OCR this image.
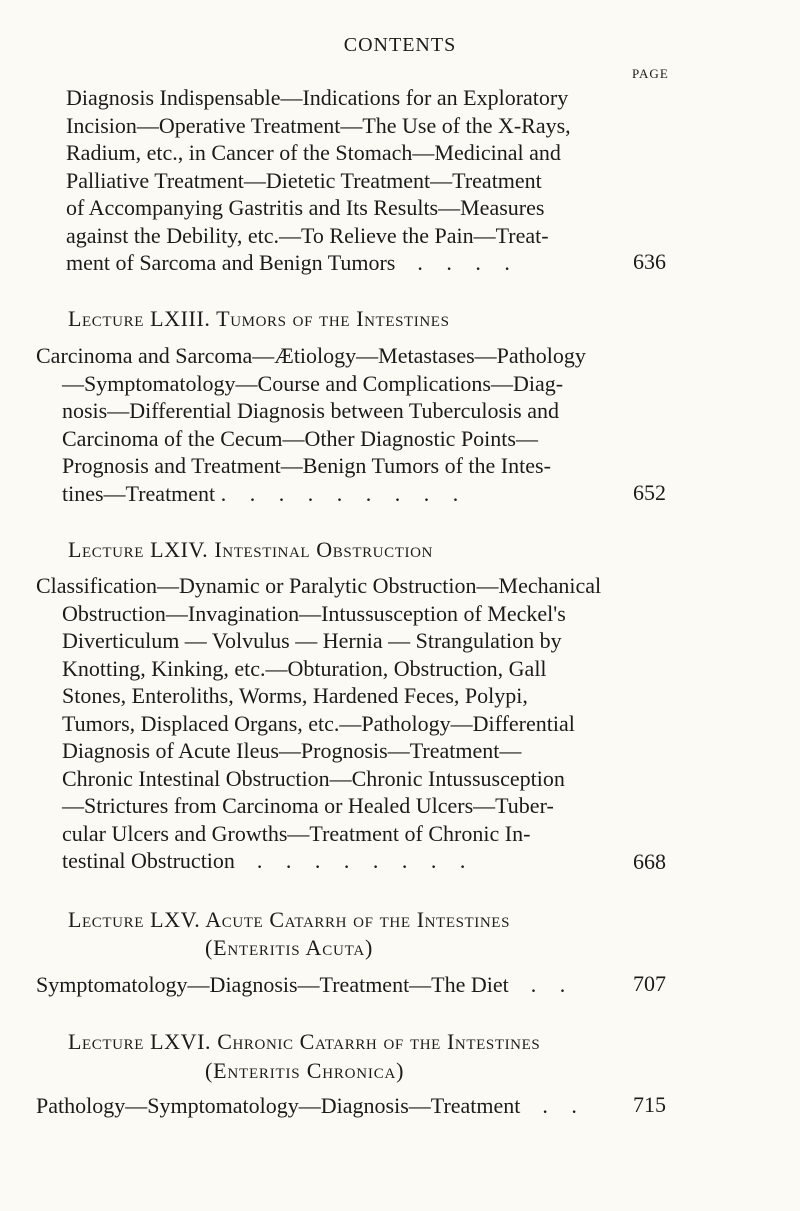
CONTENTS
PAGE
Diagnosis Indispensable—Indications for an Exploratory
Incision—Operative Treatment—The Use of the X-Rays,
Radium, etc., in Cancer of the Stomach—Medicinal and
Palliative Treatment—Dietetic Treatment—Treatment
of Accompanying Gastritis and Its Results—Measures
against the Debility, etc.—To Relieve the Pain—Treat-
ment of Sarcoma and Benign Tumors . . . .	636
Lecture LXIII. Tumors of the Intestines
Carcinoma and Sarcoma—Ætiology—Metastases—Pathology
—Symptomatology—Course and Complications—Diag-
nosis—Differential Diagnosis between Tuberculosis and
Carcinoma of the Cecum—Other Diagnostic Points—
Prognosis and Treatment—Benign Tumors of the Intes-
tines—Treatment . . . . . . . . .	652
Lecture LXIV. Intestinal Obstruction
Classification—Dynamic or Paralytic Obstruction—Mechanical
Obstruction—Invagination—Intussusception of Meckel's
Diverticulum — Volvulus — Hernia — Strangulation by
Knotting, Kinking, etc.—Obturation, Obstruction, Gall
Stones, Enteroliths, Worms, Hardened Feces, Polypi,
Tumors, Displaced Organs, etc.—Pathology—Differential
Diagnosis of Acute Ileus—Prognosis—Treatment—
Chronic Intestinal Obstruction—Chronic Intussusception
—Strictures from Carcinoma or Healed Ulcers—Tuber-
cular Ulcers and Growths—Treatment of Chronic In-
testinal Obstruction . . . . . . . .	668
Lecture LXV. Acute Catarrh of the Intestines
(Enteritis Acuta)
Symptomatology—Diagnosis—Treatment—The Diet . .	707
Lecture LXVI. Chronic Catarrh of the Intestines
(Enteritis Chronica)
Pathology—Symptomatology—Diagnosis—Treatment . .	715
